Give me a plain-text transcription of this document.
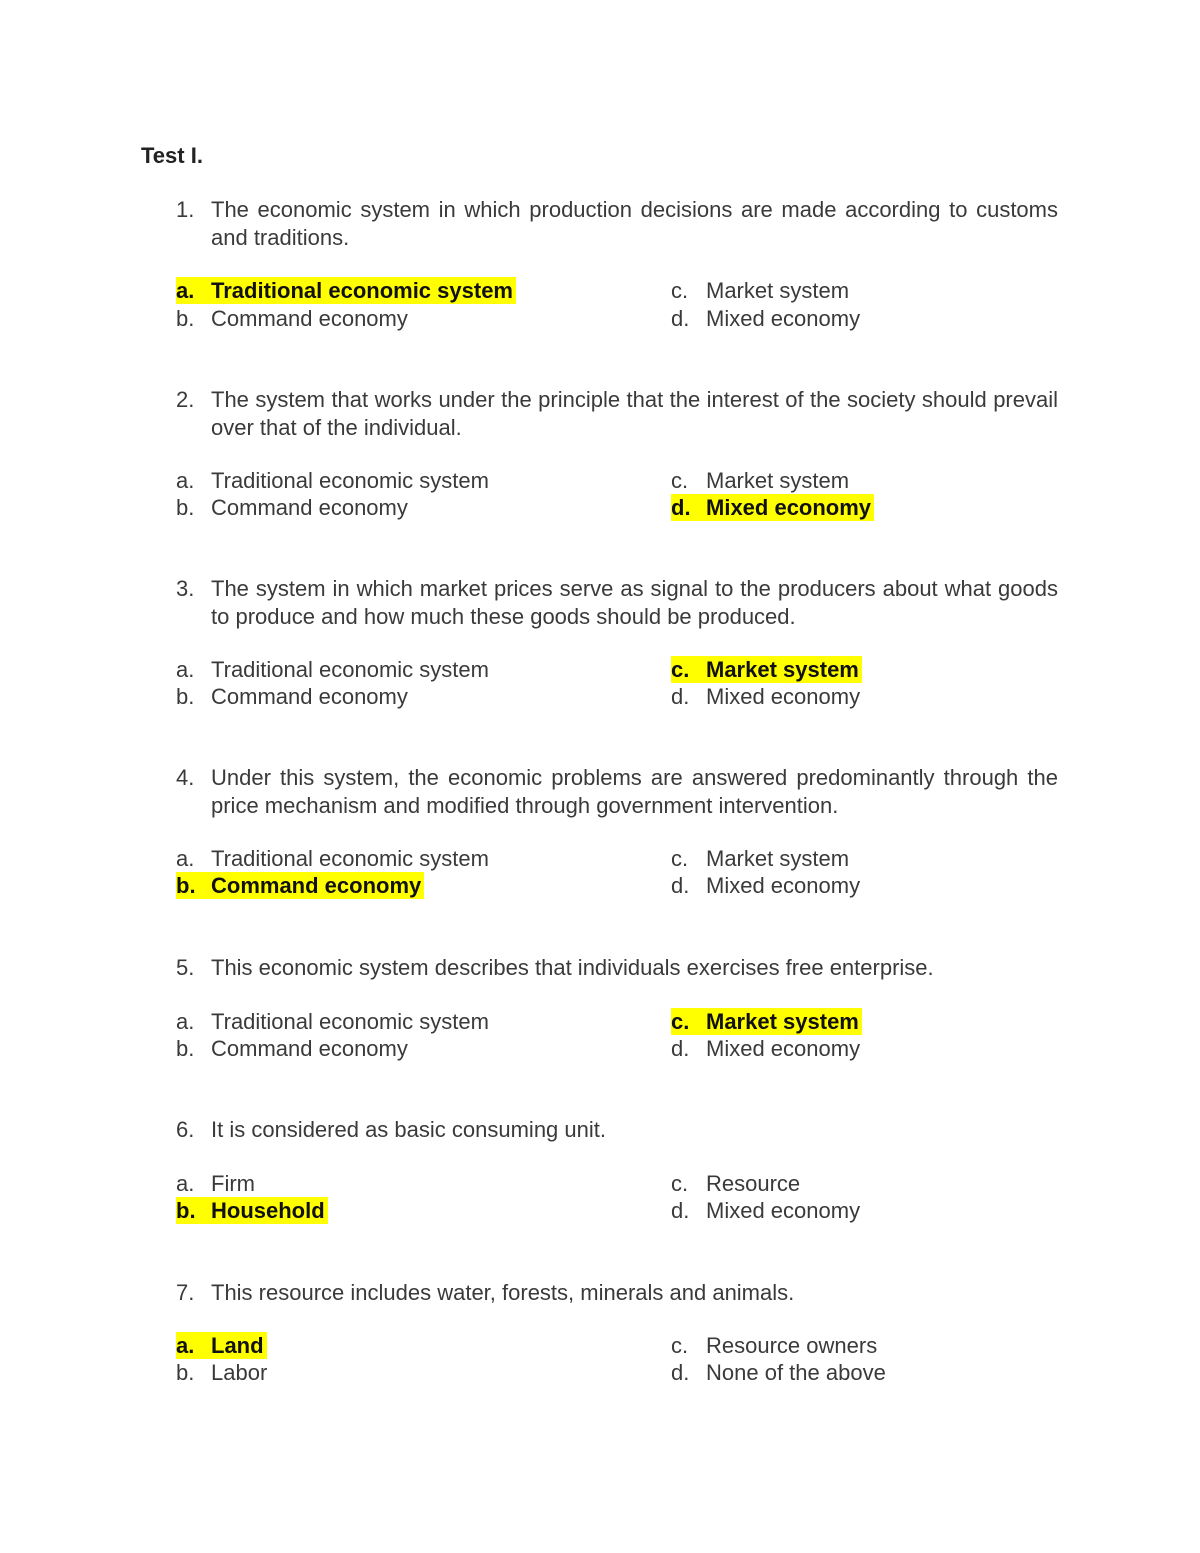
Test I.
1. The economic system in which production decisions are made according to customs and traditions.
a. Traditional economic system
b. Command economy
c. Market system
d. Mixed economy
2. The system that works under the principle that the interest of the society should prevail over that of the individual.
a. Traditional economic system
b. Command economy
c. Market system
d. Mixed economy
3. The system in which market prices serve as signal to the producers about what goods to produce and how much these goods should be produced.
a. Traditional economic system
b. Command economy
c. Market system
d. Mixed economy
4. Under this system, the economic problems are answered predominantly through the price mechanism and modified through government intervention.
a. Traditional economic system
b. Command economy
c. Market system
d. Mixed economy
5. This economic system describes that individuals exercises free enterprise.
a. Traditional economic system
b. Command economy
c. Market system
d. Mixed economy
6. It is considered as basic consuming unit.
a. Firm
b. Household
c. Resource
d. Mixed economy
7. This resource includes water, forests, minerals and animals.
a. Land
b. Labor
c. Resource owners
d. None of the above
